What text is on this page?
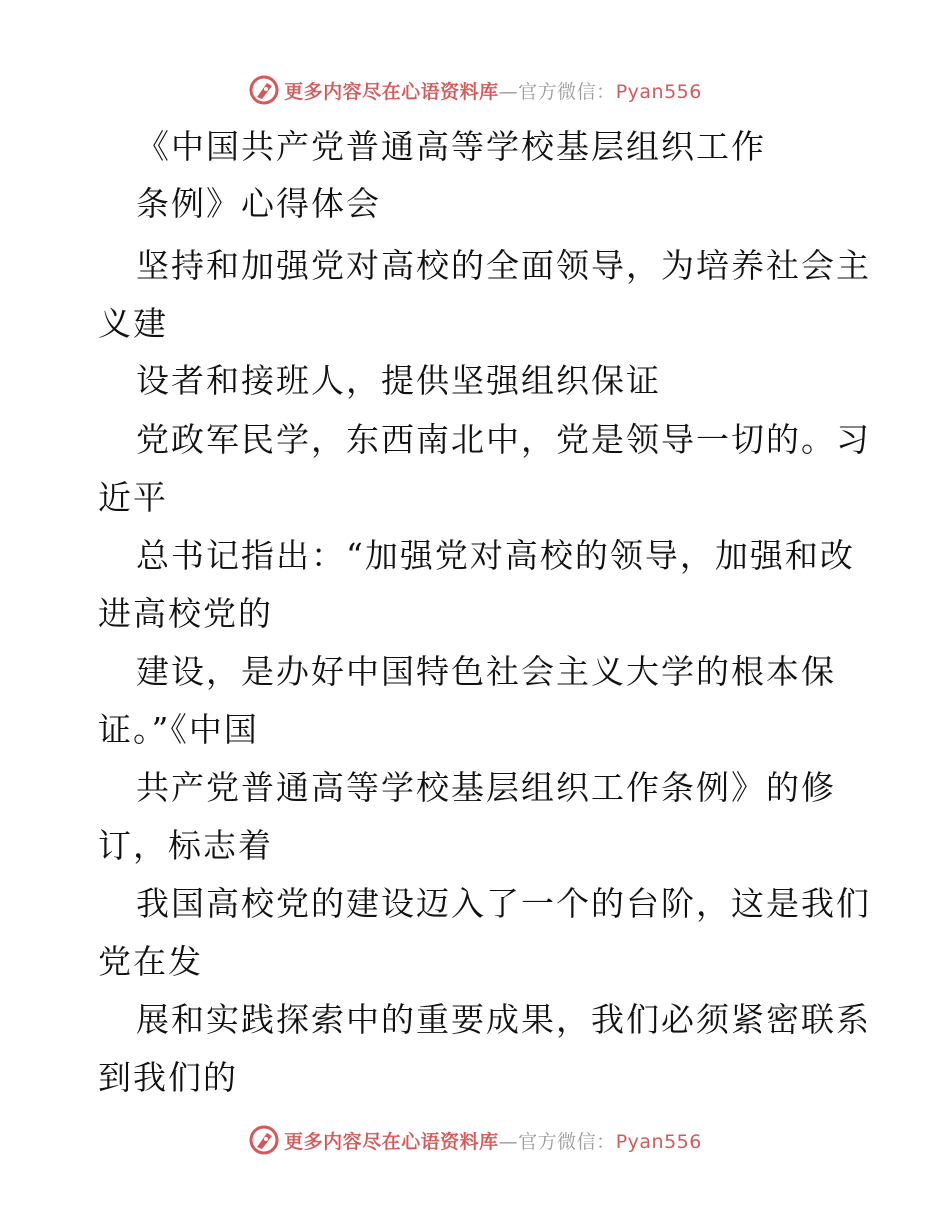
更多内容尽在心语资料库—官方微信：Pyan556
《中国共产党普通高等学校基层组织工作
条例》心得体会
坚持和加强党对高校的全面领导，为培养社会主
义建
设者和接班人，提供坚强组织保证
党政军民学，东西南北中，党是领导一切的。习
近平
总书记指出：“加强党对高校的领导，加强和改
进高校党的
建设，是办好中国特色社会主义大学的根本保
证。”《中国
共产党普通高等学校基层组织工作条例》的修
订，标志着
我国高校党的建设迈入了一个的台阶，这是我们
党在发
展和实践探索中的重要成果，我们必须紧密联系
到我们的
更多内容尽在心语资料库—官方微信：Pyan556
